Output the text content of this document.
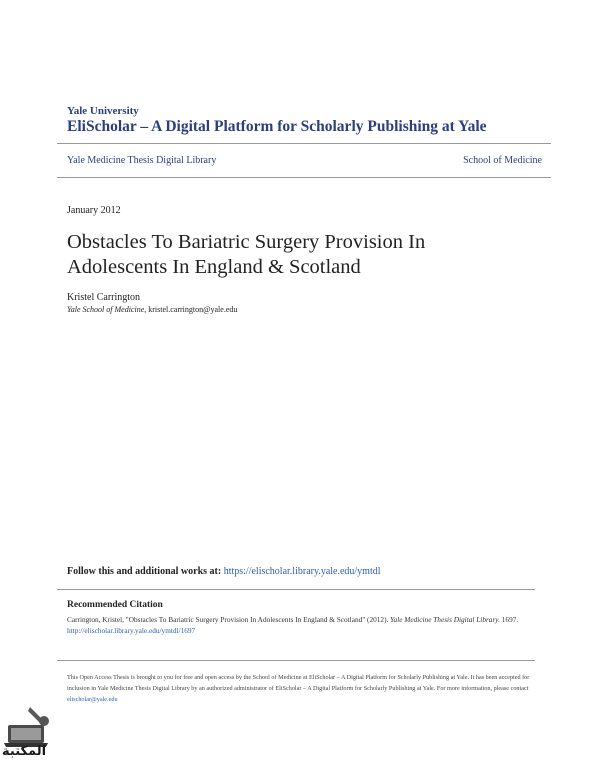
Yale University
EliScholar – A Digital Platform for Scholarly Publishing at Yale
Yale Medicine Thesis Digital Library	School of Medicine
January 2012
Obstacles To Bariatric Surgery Provision In Adolescents In England & Scotland
Kristel Carrington
Yale School of Medicine, kristel.carrington@yale.edu
Follow this and additional works at: https://elischolar.library.yale.edu/ymtdl
Recommended Citation
Carrington, Kristel, "Obstacles To Bariatric Surgery Provision In Adolescents In England & Scotland" (2012). Yale Medicine Thesis Digital Library. 1697.
http://elischolar.library.yale.edu/ymtdl/1697
This Open Access Thesis is brought to you for free and open access by the School of Medicine at EliScholar – A Digital Platform for Scholarly Publishing at Yale. It has been accepted for inclusion in Yale Medicine Thesis Digital Library by an authorized administrator of EliScholar – A Digital Platform for Scholarly Publishing at Yale. For more information, please contact elischolar@yale.edu
المكتبة
